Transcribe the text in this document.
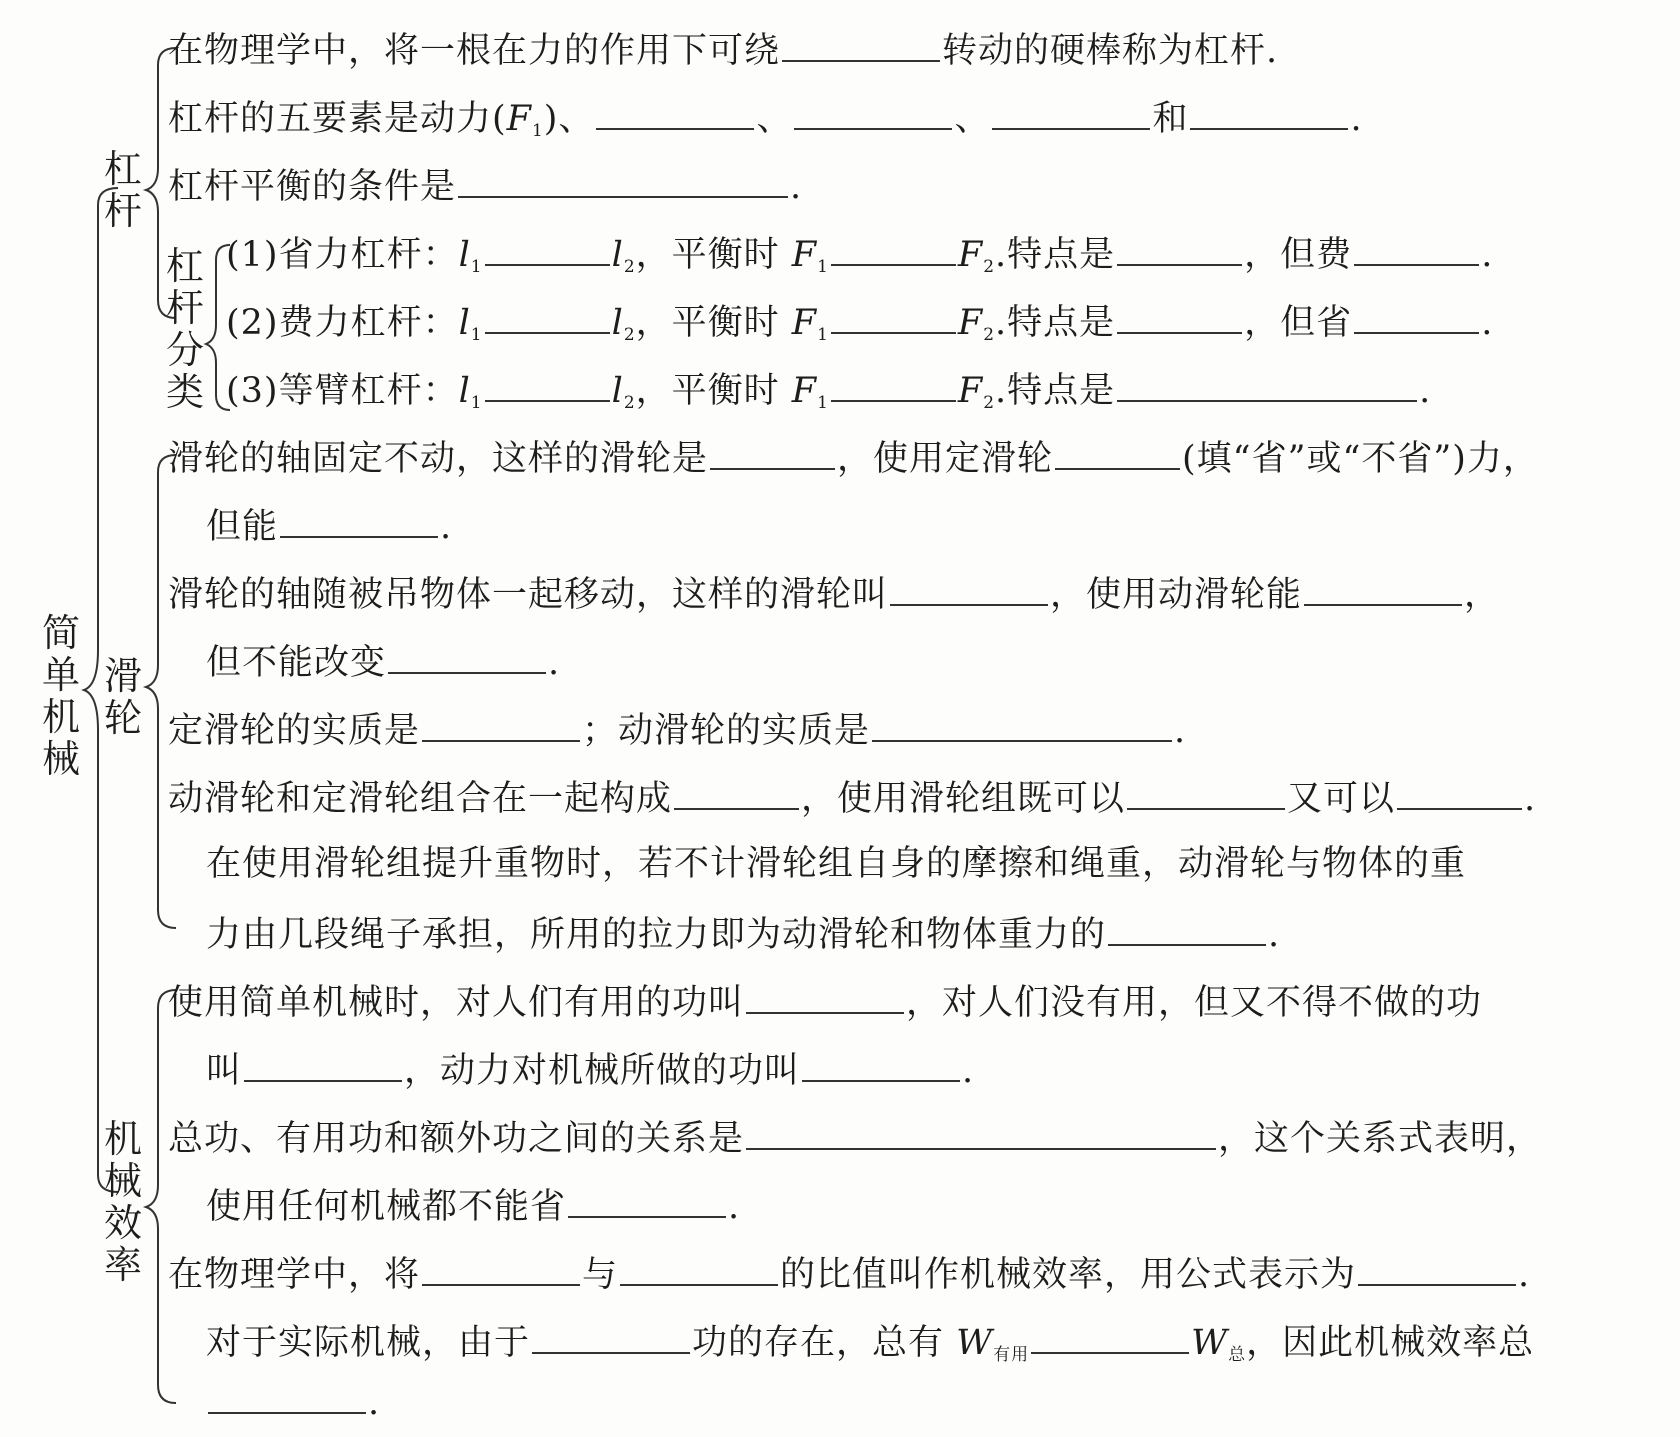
简单机械
杠杆
杠杆分类
滑轮
机械效率
在物理学中，将一根在力的作用下可绕	转动的硬棒称为杠杆.
杠杆的五要素是动力$(F_1)$、	、	、	和	.
杠杆平衡的条件是	.
(1)省力杠杆：$l_1$	$l_2$，平衡时 $F_1$	$F_2$.特点是	，但费	.
(2)费力杠杆：$l_1$	$l_2$，平衡时 $F_1$	$F_2$.特点是	，但省	.
(3)等臂杠杆：$l_1$	$l_2$，平衡时 $F_1$	$F_2$.特点是	.
滑轮的轴固定不动，这样的滑轮是	，使用定滑轮	(填“省”或“不省”)力，
但能	.
滑轮的轴随被吊物体一起移动，这样的滑轮叫	，使用动滑轮能	，
但不能改变	.
定滑轮的实质是	；动滑轮的实质是	.
动滑轮和定滑轮组合在一起构成	，使用滑轮组既可以	又可以	.
在使用滑轮组提升重物时，若不计滑轮组自身的摩擦和绳重，动滑轮与物体的重
力由几段绳子承担，所用的拉力即为动滑轮和物体重力的	.
使用简单机械时，对人们有用的功叫	，对人们没有用，但又不得不做的功
叫	，动力对机械所做的功叫	.
总功、有用功和额外功之间的关系是	，这个关系式表明，
使用任何机械都不能省	.
在物理学中，将	与	的比值叫作机械效率，用公式表示为	.
对于实际机械，由于	功的存在，总有 $W_{有用}$	$W_总$，因此机械效率总
.
